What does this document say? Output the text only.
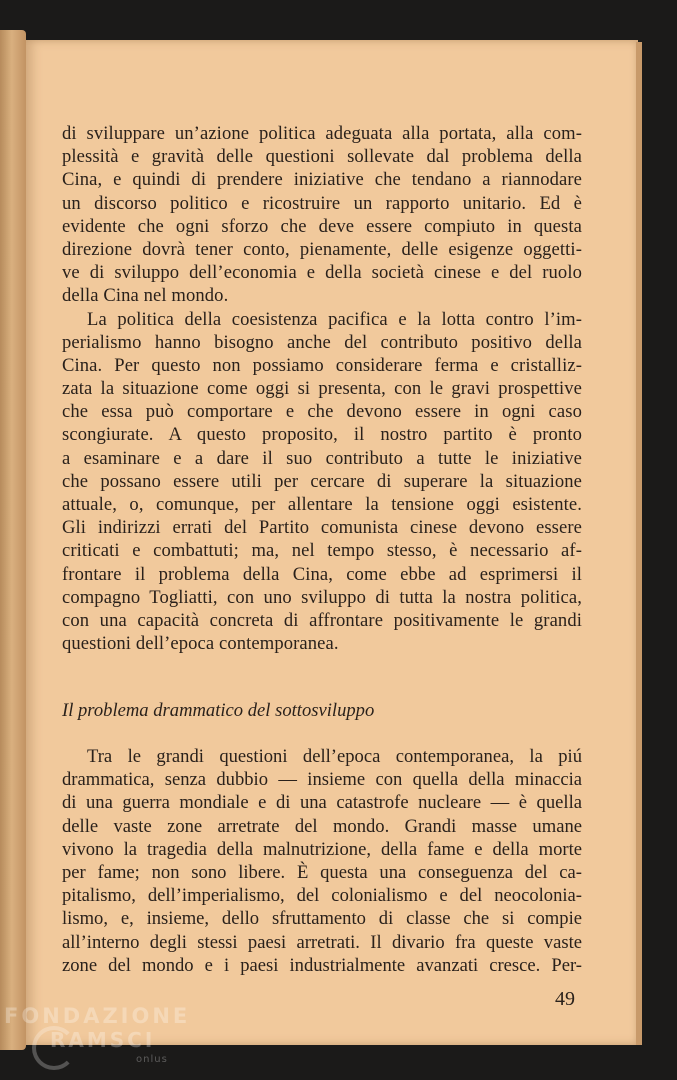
di sviluppare un’azione politica adeguata alla portata, alla com-
plessità e gravità delle questioni sollevate dal problema della
Cina, e quindi di prendere iniziative che tendano a riannodare
un discorso politico e ricostruire un rapporto unitario. Ed è
evidente che ogni sforzo che deve essere compiuto in questa
direzione dovrà tener conto, pienamente, delle esigenze oggetti-
ve di sviluppo dell’economia e della società cinese e del ruolo
della Cina nel mondo.
La politica della coesistenza pacifica e la lotta contro l’im-
perialismo hanno bisogno anche del contributo positivo della
Cina. Per questo non possiamo considerare ferma e cristalliz-
zata la situazione come oggi si presenta, con le gravi prospettive
che essa può comportare e che devono essere in ogni caso
scongiurate. A questo proposito, il nostro partito è pronto
a esaminare e a dare il suo contributo a tutte le iniziative
che possano essere utili per cercare di superare la situazione
attuale, o, comunque, per allentare la tensione oggi esistente.
Gli indirizzi errati del Partito comunista cinese devono essere
criticati e combattuti; ma, nel tempo stesso, è necessario af-
frontare il problema della Cina, come ebbe ad esprimersi il
compagno Togliatti, con uno sviluppo di tutta la nostra politica,
con una capacità concreta di affrontare positivamente le grandi
questioni dell’epoca contemporanea.
Il problema drammatico del sottosviluppo
Tra le grandi questioni dell’epoca contemporanea, la piú
drammatica, senza dubbio — insieme con quella della minaccia
di una guerra mondiale e di una catastrofe nucleare — è quella
delle vaste zone arretrate del mondo. Grandi masse umane
vivono la tragedia della malnutrizione, della fame e della morte
per fame; non sono libere. È questa una conseguenza del ca-
pitalismo, dell’imperialismo, del colonialismo e del neocolonia-
lismo, e, insieme, dello sfruttamento di classe che si compie
all’interno degli stessi paesi arretrati. Il divario fra queste vaste
zone del mondo e i paesi industrialmente avanzati cresce. Per-
49
FONDAZIONE
RAMSCI
onlus
